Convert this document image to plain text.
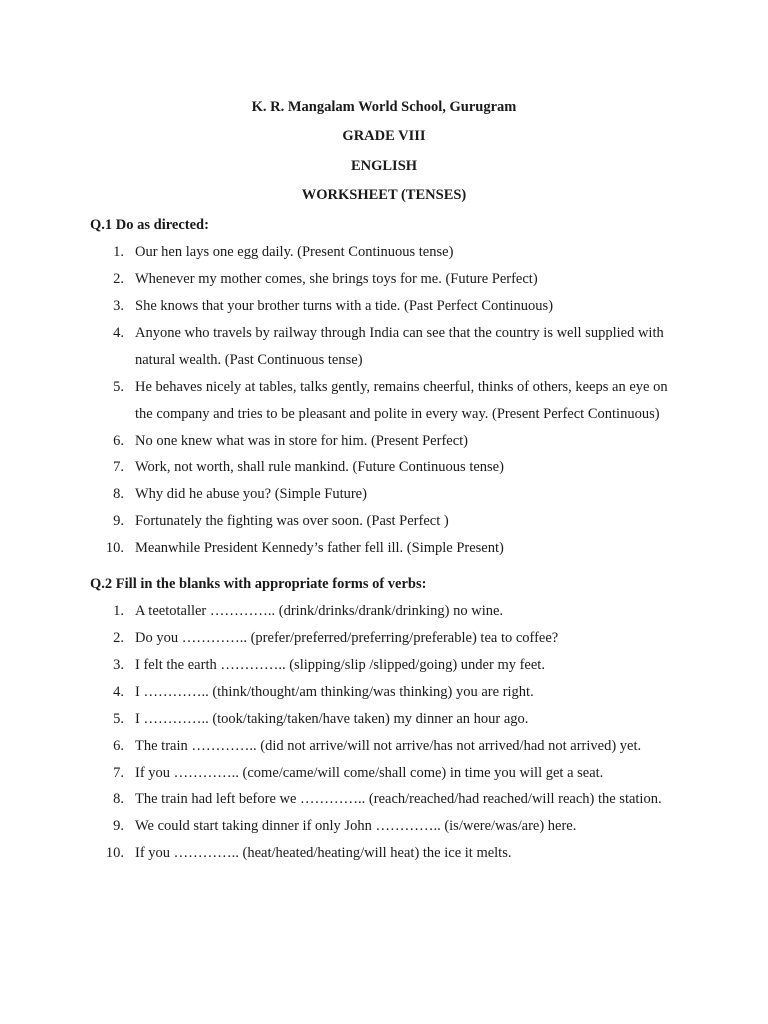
K. R. Mangalam World School, Gurugram

GRADE VIII

ENGLISH

WORKSHEET (TENSES)

Q.1 Do as directed:

1. Our hen lays one egg daily. (Present Continuous tense)
2. Whenever my mother comes, she brings toys for me. (Future Perfect)
3. She knows that your brother turns with a tide. (Past Perfect Continuous)
4. Anyone who travels by railway through India can see that the country is well supplied with natural wealth. (Past Continuous tense)
5. He behaves nicely at tables, talks gently, remains cheerful, thinks of others, keeps an eye on the company and tries to be pleasant and polite in every way. (Present Perfect Continuous)
6. No one knew what was in store for him. (Present Perfect)
7. Work, not worth, shall rule mankind. (Future Continuous tense)
8. Why did he abuse you? (Simple Future)
9. Fortunately the fighting was over soon. (Past Perfect )
10. Meanwhile President Kennedy’s father fell ill. (Simple Present)

Q.2 Fill in the blanks with appropriate forms of verbs:

1. A teetotaller ………….. (drink/drinks/drank/drinking) no wine.
2. Do you ………….. (prefer/preferred/preferring/preferable) tea to coffee?
3. I felt the earth ………….. (slipping/slip /slipped/going) under my feet.
4. I ………….. (think/thought/am thinking/was thinking) you are right.
5. I ………….. (took/taking/taken/have taken) my dinner an hour ago.
6. The train ………….. (did not arrive/will not arrive/has not arrived/had not arrived) yet.
7. If you ………….. (come/came/will come/shall come) in time you will get a seat.
8. The train had left before we ………….. (reach/reached/had reached/will reach) the station.
9. We could start taking dinner if only John ………….. (is/were/was/are) here.
10. If you ………….. (heat/heated/heating/will heat) the ice it melts.
